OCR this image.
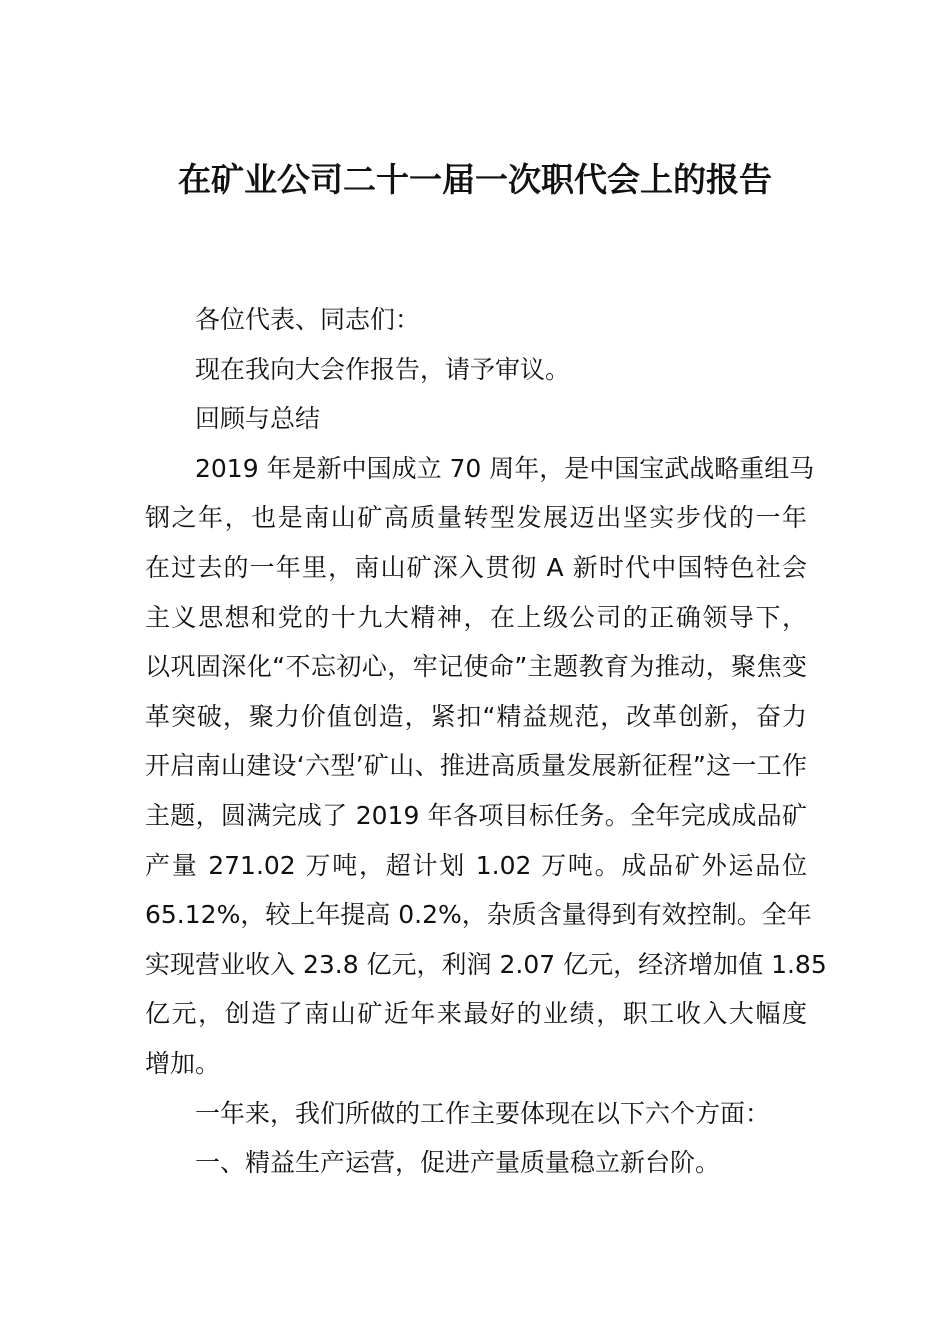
在矿业公司二十一届一次职代会上的报告
各位代表、同志们：
现在我向大会作报告，请予审议。
回顾与总结
2019 年是新中国成立 70 周年，是中国宝武战略重组马
钢之年，也是南山矿高质量转型发展迈出坚实步伐的一年
在过去的一年里，南山矿深入贯彻 A 新时代中国特色社会
主义思想和党的十九大精神，在上级公司的正确领导下，
以巩固深化“不忘初心，牢记使命”主题教育为推动，聚焦变
革突破，聚力价值创造，紧扣“精益规范，改革创新，奋力
开启南山建设‘六型’矿山、推进高质量发展新征程”这一工作
主题，圆满完成了 2019 年各项目标任务。全年完成成品矿
产量 271.02 万吨，超计划 1.02 万吨。成品矿外运品位
65.12%，较上年提高 0.2%，杂质含量得到有效控制。全年
实现营业收入 23.8 亿元，利润 2.07 亿元，经济增加值 1.85
亿元，创造了南山矿近年来最好的业绩，职工收入大幅度
增加。
一年来，我们所做的工作主要体现在以下六个方面：
一、精益生产运营，促进产量质量稳立新台阶。
